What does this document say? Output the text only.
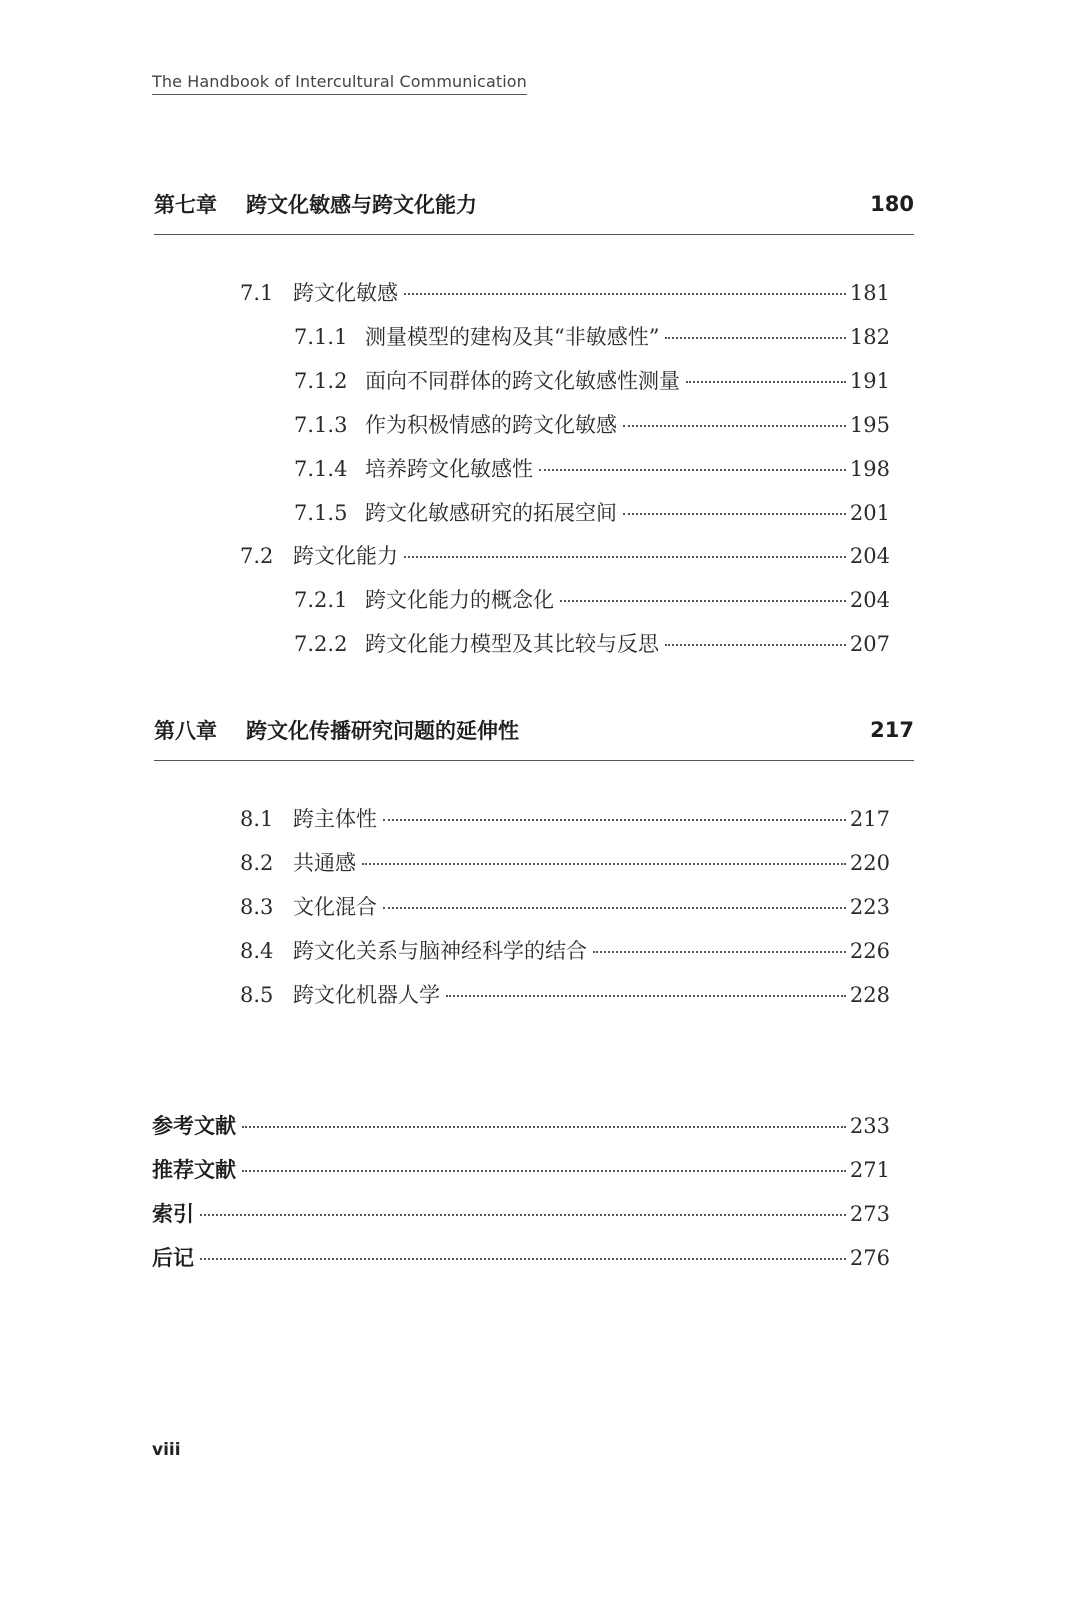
The Handbook of Intercultural Communication
第七章	跨文化敏感与跨文化能力	180
7.1 跨文化敏感	181
7.1.1 测量模型的建构及其“非敏感性”	182
7.1.2 面向不同群体的跨文化敏感性测量	191
7.1.3 作为积极情感的跨文化敏感	195
7.1.4 培养跨文化敏感性	198
7.1.5 跨文化敏感研究的拓展空间	201
7.2 跨文化能力	204
7.2.1 跨文化能力的概念化	204
7.2.2 跨文化能力模型及其比较与反思	207
第八章	跨文化传播研究问题的延伸性	217
8.1 跨主体性	217
8.2 共通感	220
8.3 文化混合	223
8.4 跨文化关系与脑神经科学的结合	226
8.5 跨文化机器人学	228
参考文献	233
推荐文献	271
索引	273
后记	276
viii
